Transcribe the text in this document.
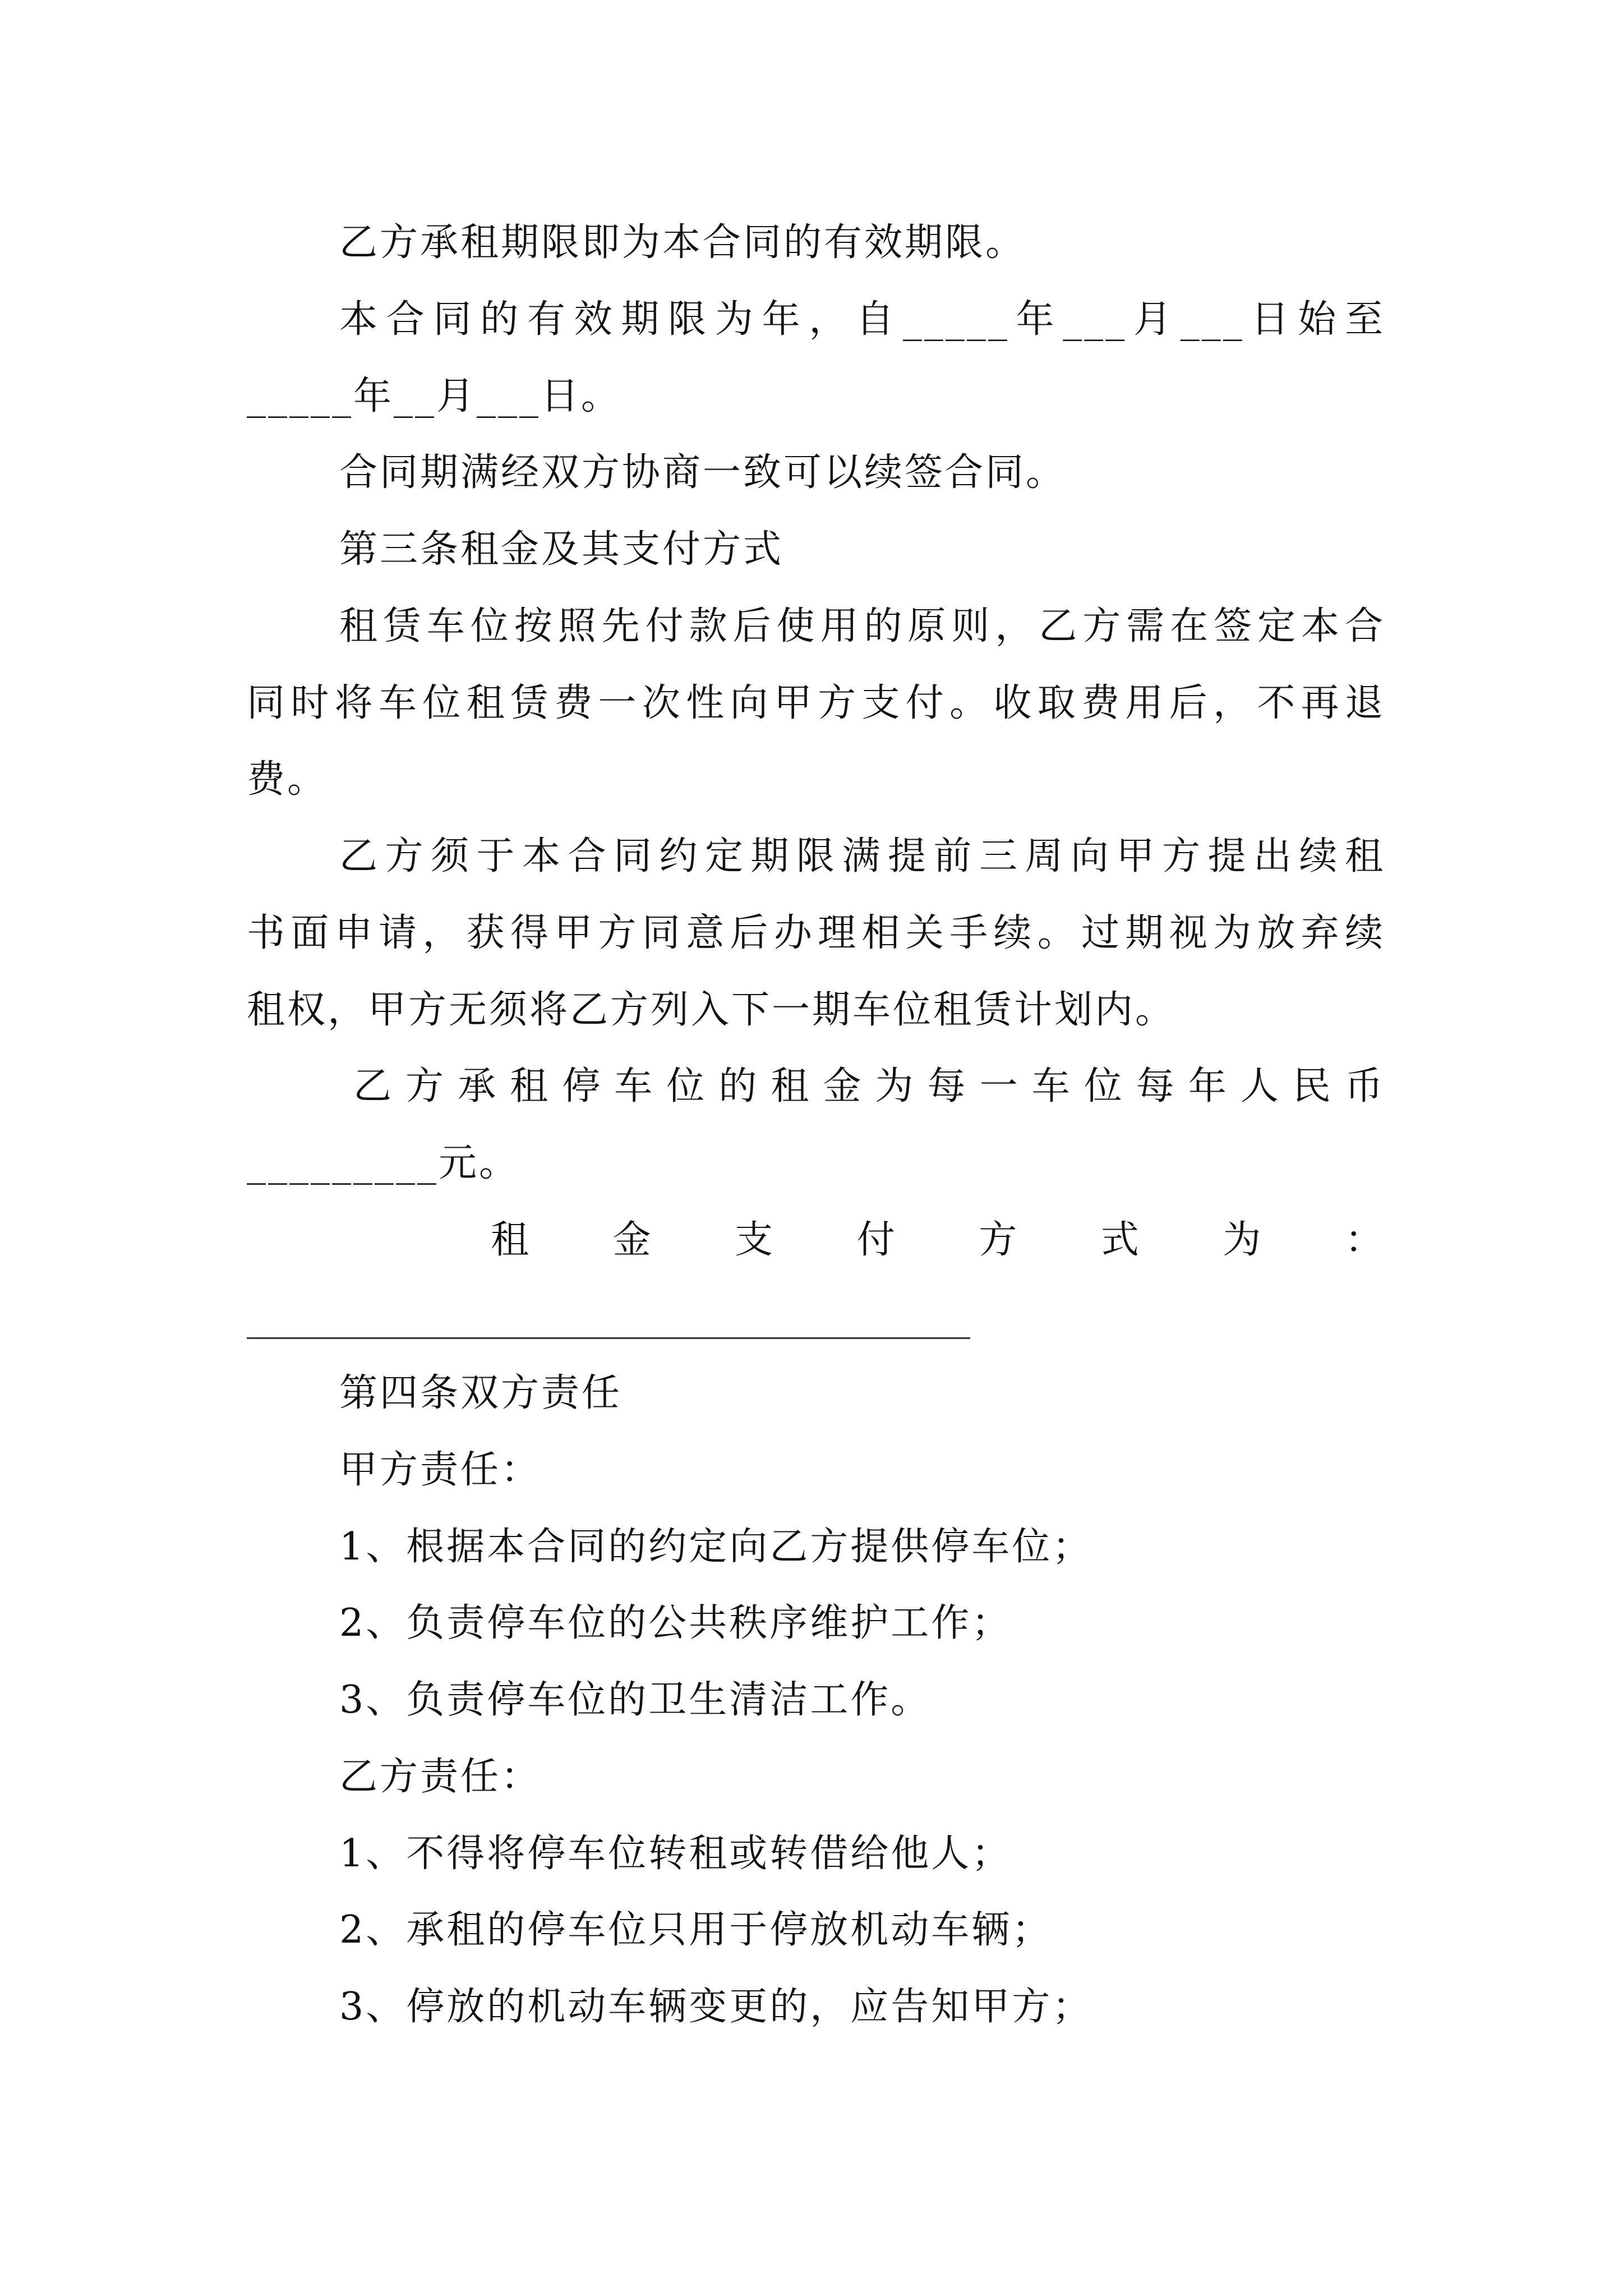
乙方承租期限即为本合同的有效期限。
本合同的有效期限为年，自_____年___月___日始至
_____年__月___日。
合同期满经双方协商一致可以续签合同。
第三条租金及其支付方式
租赁车位按照先付款后使用的原则，乙方需在签定本合
同时将车位租赁费一次性向甲方支付。收取费用后，不再退
费。
乙方须于本合同约定期限满提前三周向甲方提出续租
书面申请，获得甲方同意后办理相关手续。过期视为放弃续
租权，甲方无须将乙方列入下一期车位租赁计划内。
乙方承租停车位的租金为每一车位每年人民币
_________元。
租金支付方式为：
第四条双方责任
甲方责任：
1、根据本合同的约定向乙方提供停车位；
2、负责停车位的公共秩序维护工作；
3、负责停车位的卫生清洁工作。
乙方责任：
1、不得将停车位转租或转借给他人；
2、承租的停车位只用于停放机动车辆；
3、停放的机动车辆变更的，应告知甲方；
